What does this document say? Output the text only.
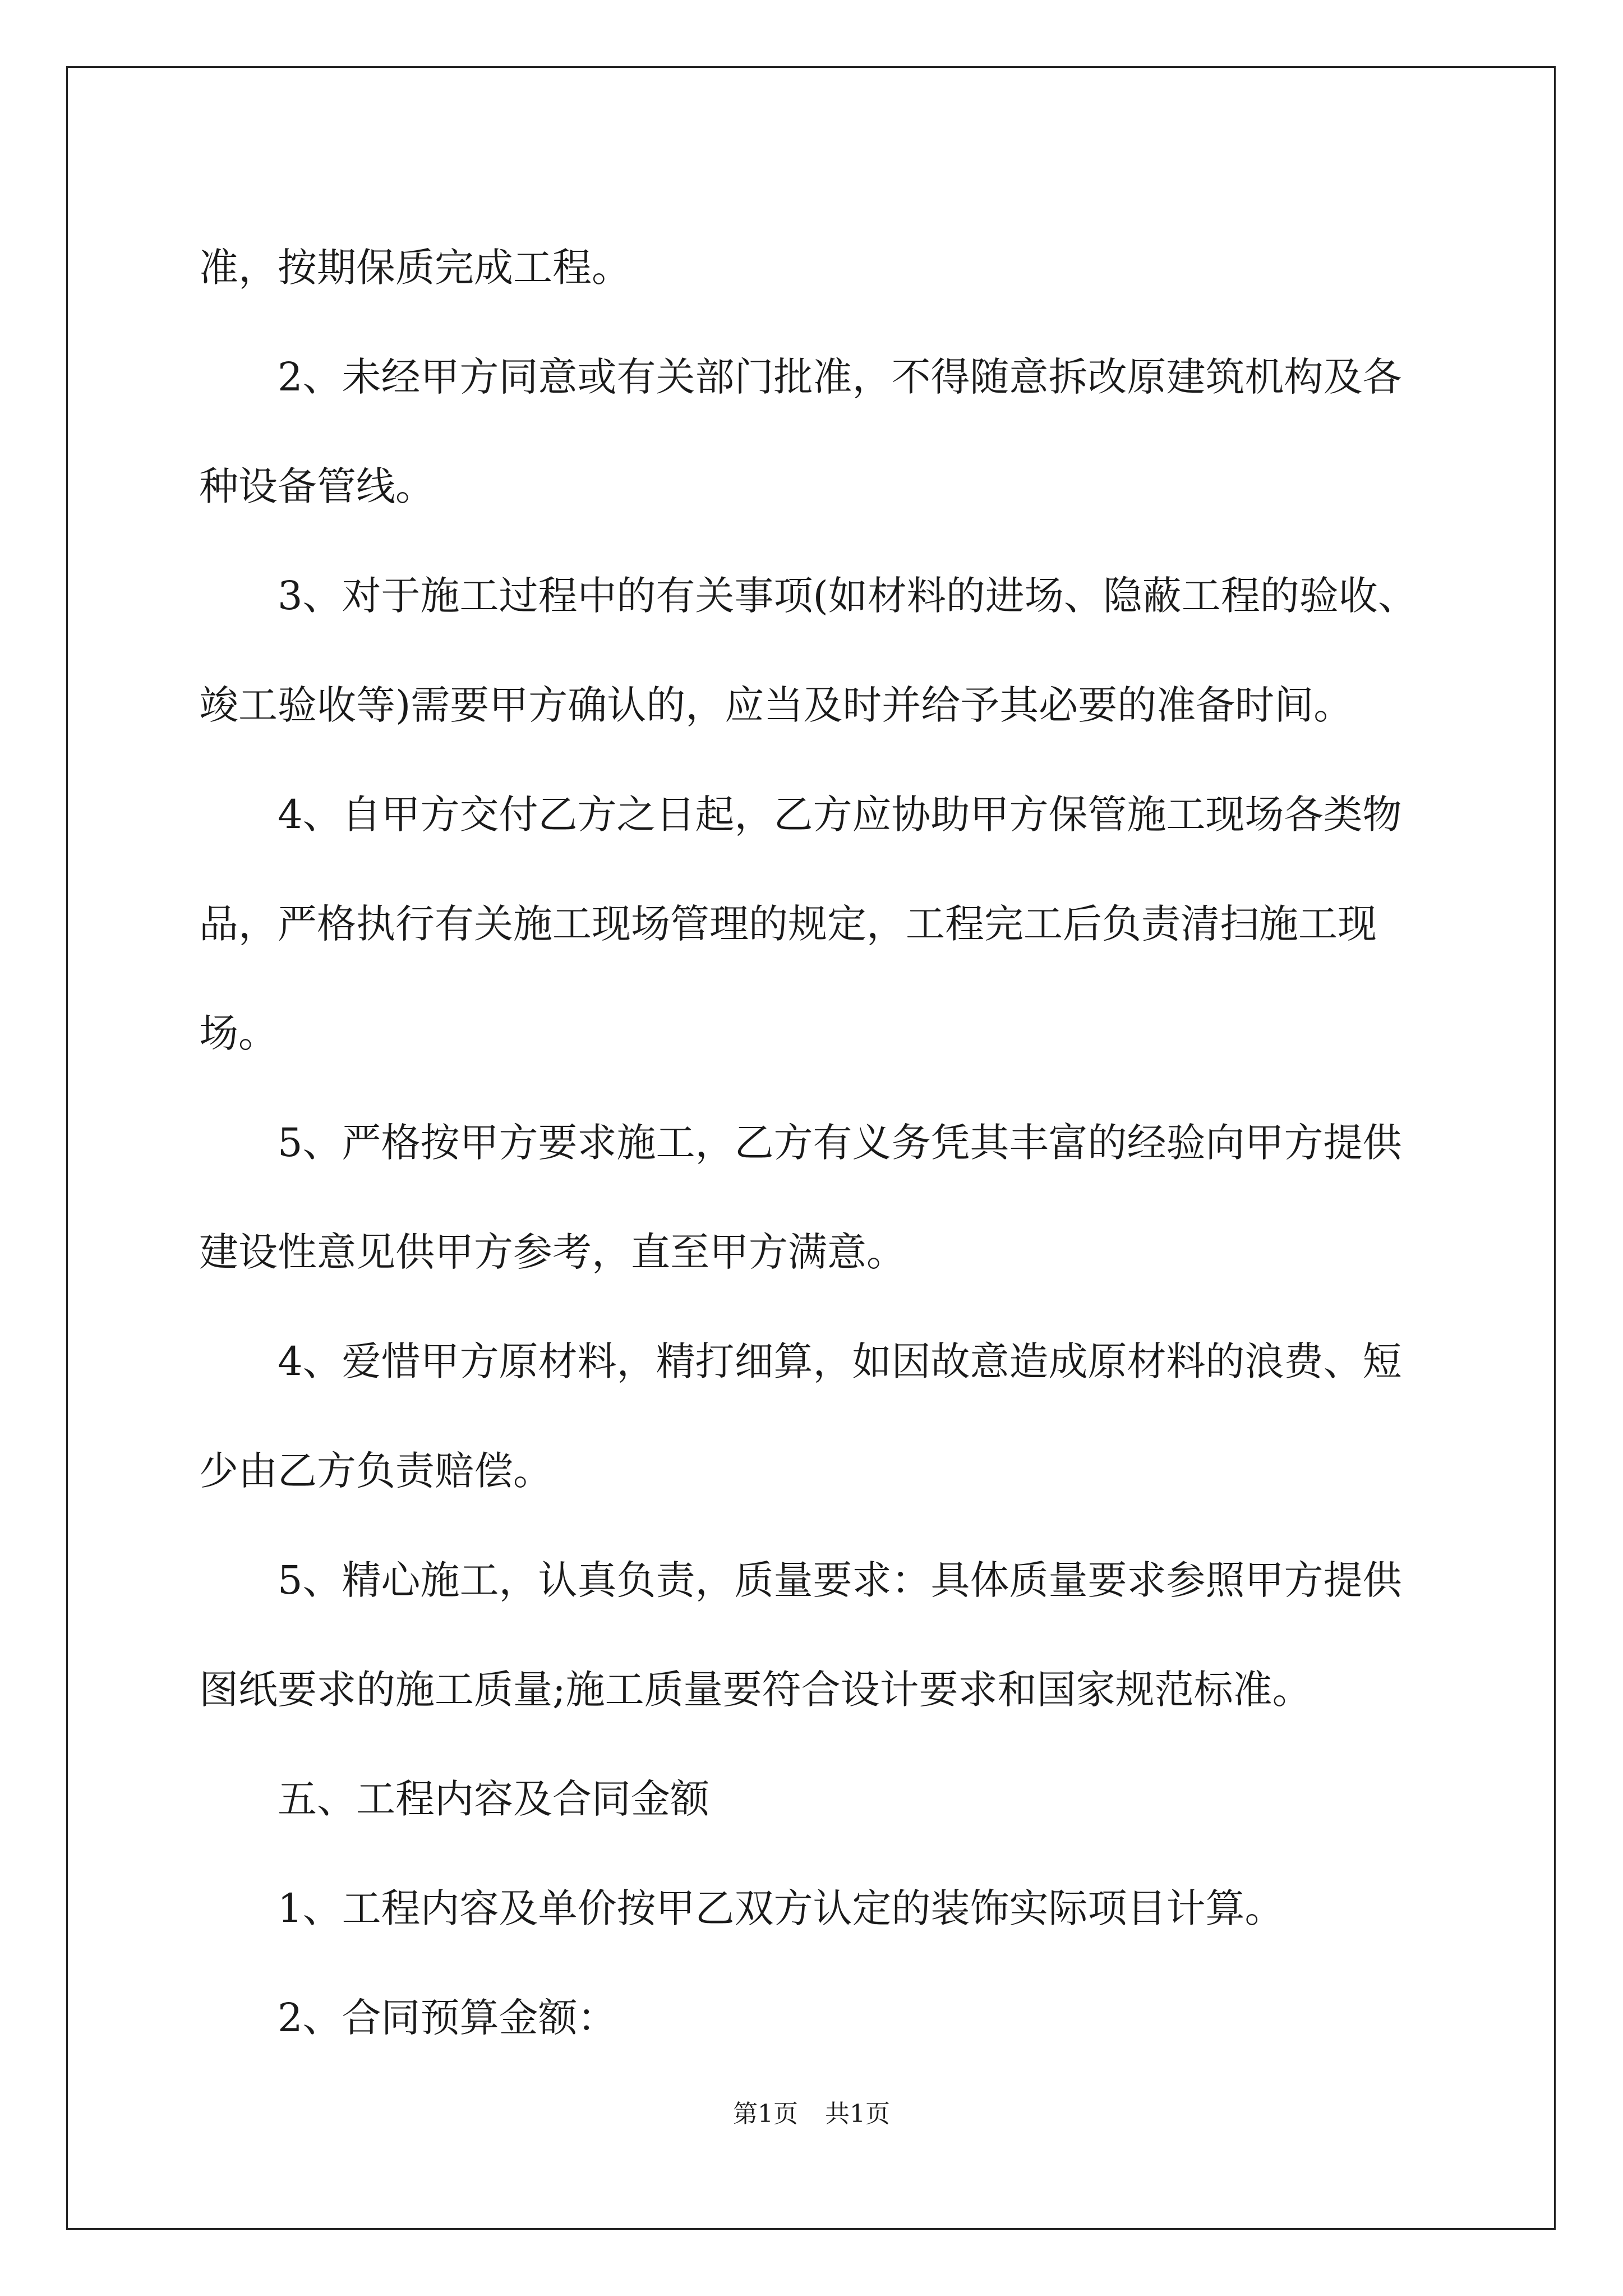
准，按期保质完成工程。

2、未经甲方同意或有关部门批准，不得随意拆改原建筑机构及各种设备管线。

3、对于施工过程中的有关事项(如材料的进场、隐蔽工程的验收、竣工验收等)需要甲方确认的，应当及时并给予其必要的准备时间。

4、自甲方交付乙方之日起，乙方应协助甲方保管施工现场各类物品，严格执行有关施工现场管理的规定，工程完工后负责清扫施工现场。

5、严格按甲方要求施工，乙方有义务凭其丰富的经验向甲方提供建设性意见供甲方参考，直至甲方满意。

4、爱惜甲方原材料，精打细算，如因故意造成原材料的浪费、短少由乙方负责赔偿。

5、精心施工，认真负责，质量要求：具体质量要求参照甲方提供图纸要求的施工质量;施工质量要符合设计要求和国家规范标准。

五、工程内容及合同金额

1、工程内容及单价按甲乙双方认定的装饰实际项目计算。

2、合同预算金额：

第1页 共1页
